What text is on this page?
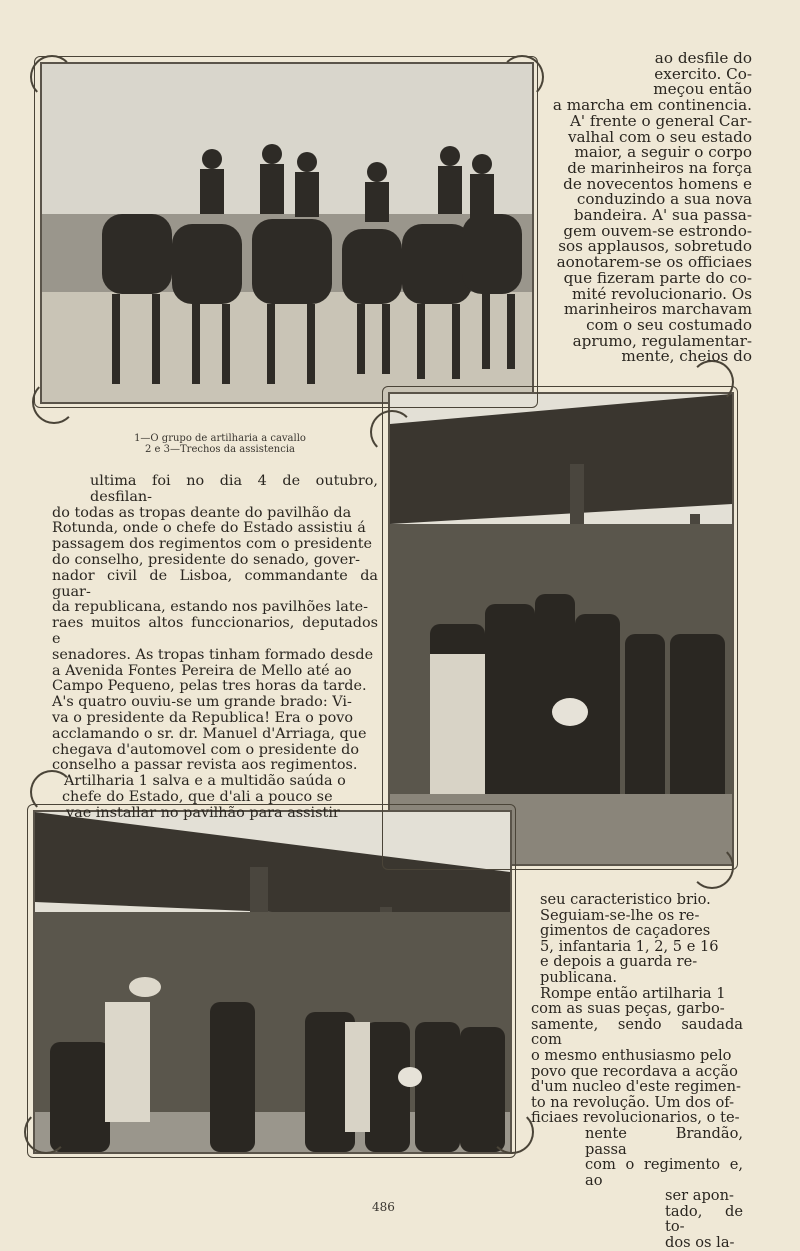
1—O grupo de artilharia a cavallo
2 e 3—Trechos da assistencia

ao desfile do

exercito. Co-

meçou então

a marcha em continencia.

A' frente o general Car-

valhal com o seu estado

maior, a seguir o corpo

de marinheiros na força

de novecentos homens e

conduzindo a sua nova

bandeira. A' sua passa-

gem ouvem-se estrondo-

sos applausos, sobretudo

aonotarem-se os officiaes

que fizeram parte do co-

mité revolucionario. Os

marinheiros marchavam

com o seu costumado

aprumo, regulamentar-

mente, cheios do

ultima foi no dia 4 de outubro, desfilan-

do todas as tropas deante do pavilhão da

Rotunda, onde o chefe do Estado assistiu á

passagem dos regimentos com o presidente

do conselho, presidente do senado, gover-

nador civil de Lisboa, commandante da guar-

da republicana, estando nos pavilhões late-

raes muitos altos funccionarios, deputados e

senadores. As tropas tinham formado desde

a Avenida Fontes Pereira de Mello até ao

Campo Pequeno, pelas tres horas da tarde.

A's quatro ouviu-se um grande brado: Vi-

va o presidente da Republica! Era o povo

acclamando o sr. dr. Manuel d'Arriaga, que

chegava d'automovel com o presidente do

conselho a passar revista aos regimentos.

Artilharia 1 salva e a multidão saúda o

chefe do Estado, que d'ali a pouco se

vae installar no pavilhão para assistir

seu caracteristico brio.

Seguiam-se-lhe os re-

gimentos de caçadores

5, infantaria 1, 2, 5 e 16

e depois a guarda re-

publicana.

Rompe então artilharia 1

com as suas peças, garbo-

samente, sendo saudada com

o mesmo enthusiasmo pelo

povo que recordava a acção

d'um nucleo d'este regimen-

to na revolução. Um dos of-

ficiaes revolucionarios, o te-

nente Brandão, passa

com o regimento e, ao

ser apon-

tado, de to-

dos os la-

486
